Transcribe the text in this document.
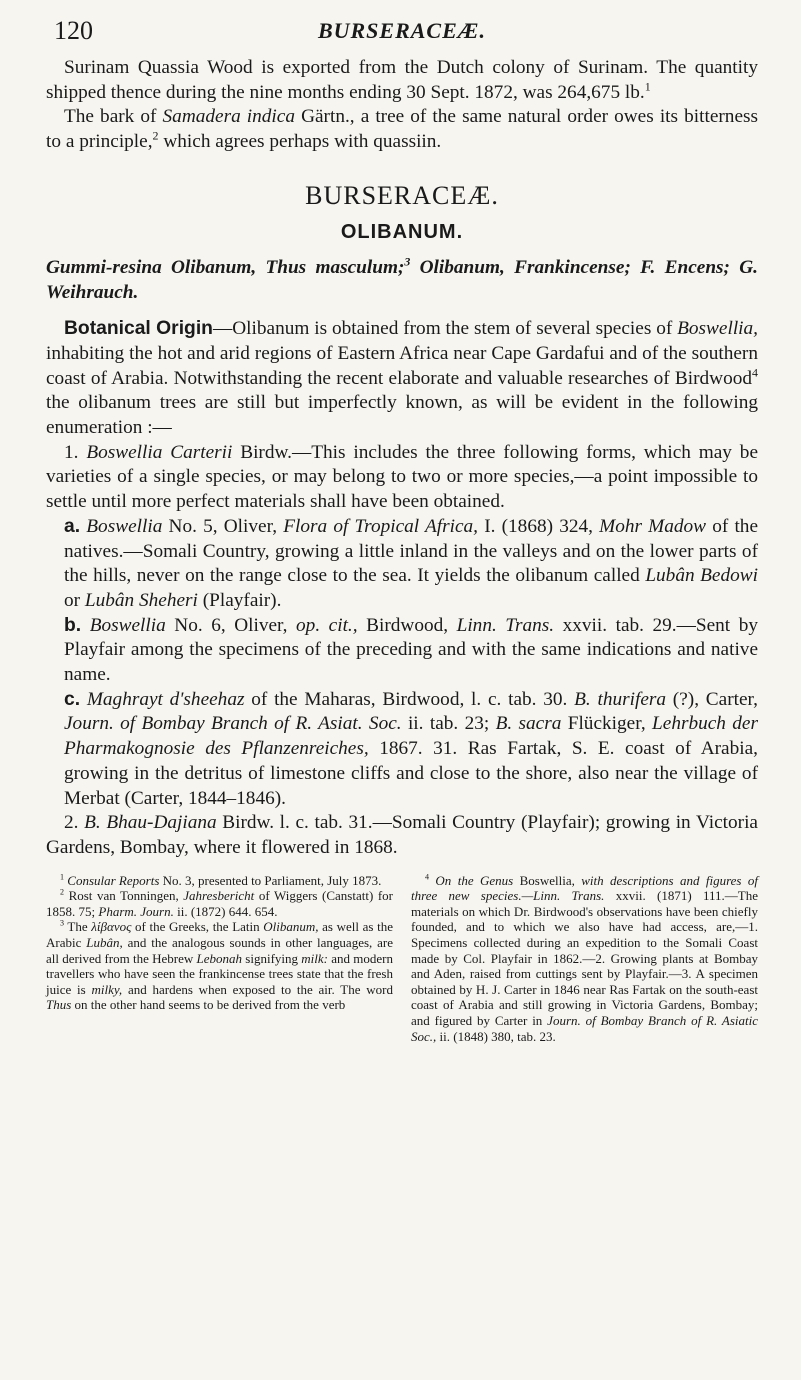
120	BURSERACEÆ.

Surinam Quassia Wood is exported from the Dutch colony of Surinam. The quantity shipped thence during the nine months ending 30 Sept. 1872, was 264,675 lb.$^1$

The bark of Samadera indica Gärtn., a tree of the same natural order owes its bitterness to a principle,$^2$ which agrees perhaps with quassiin.

BURSERACEÆ.
OLIBANUM.

Gummi-resina Olibanum, Thus masculum;$^3$ Olibanum, Frankincense; F. Encens; G. Weihrauch.

Botanical Origin—Olibanum is obtained from the stem of several species of Boswellia, inhabiting the hot and arid regions of Eastern Africa near Cape Gardafui and of the southern coast of Arabia. Notwithstanding the recent elaborate and valuable researches of Birdwood$^4$ the olibanum trees are still but imperfectly known, as will be evident in the following enumeration :—

1. Boswellia Carterii Birdw.—This includes the three following forms, which may be varieties of a single species, or may belong to two or more species,—a point impossible to settle until more perfect materials shall have been obtained.

a. Boswellia No. 5, Oliver, Flora of Tropical Africa, I. (1868) 324, Mohr Madow of the natives.—Somali Country, growing a little inland in the valleys and on the lower parts of the hills, never on the range close to the sea. It yields the olibanum called Lubân Bedowi or Lubân Sheheri (Playfair).

b. Boswellia No. 6, Oliver, op. cit., Birdwood, Linn. Trans. xxvii. tab. 29.—Sent by Playfair among the specimens of the preceding and with the same indications and native name.

c. Maghrayt d'sheehaz of the Maharas, Birdwood, l. c. tab. 30. B. thurifera (?), Carter, Journ. of Bombay Branch of R. Asiat. Soc. ii. tab. 23; B. sacra Flückiger, Lehrbuch der Pharmakognosie des Pflanzenreiches, 1867. 31. Ras Fartak, S. E. coast of Arabia, growing in the detritus of limestone cliffs and close to the shore, also near the village of Merbat (Carter, 1844–1846).

2. B. Bhau-Dajiana Birdw. l. c. tab. 31.—Somali Country (Playfair); growing in Victoria Gardens, Bombay, where it flowered in 1868.

$^1$ Consular Reports No. 3, presented to Parliament, July 1873.

$^2$ Rost van Tonningen, Jahresbericht of Wiggers (Canstatt) for 1858. 75; Pharm. Journ. ii. (1872) 644. 654.

$^3$ The λίβανος of the Greeks, the Latin Olibanum, as well as the Arabic Lubân, and the analogous sounds in other languages, are all derived from the Hebrew Lebonah signifying milk: and modern travellers who have seen the frankincense trees state that the fresh juice is milky, and hardens when exposed to the air. The word Thus on the other hand seems to be derived from the verb

$^4$ On the Genus Boswellia, with descriptions and figures of three new species.—Linn. Trans. xxvii. (1871) 111.—The materials on which Dr. Birdwood's observations have been chiefly founded, and to which we also have had access, are,—1. Specimens collected during an expedition to the Somali Coast made by Col. Playfair in 1862.—2. Growing plants at Bombay and Aden, raised from cuttings sent by Playfair.—3. A specimen obtained by H. J. Carter in 1846 near Ras Fartak on the south-east coast of Arabia and still growing in Victoria Gardens, Bombay; and figured by Carter in Journ. of Bombay Branch of R. Asiatic Soc., ii. (1848) 380, tab. 23.
